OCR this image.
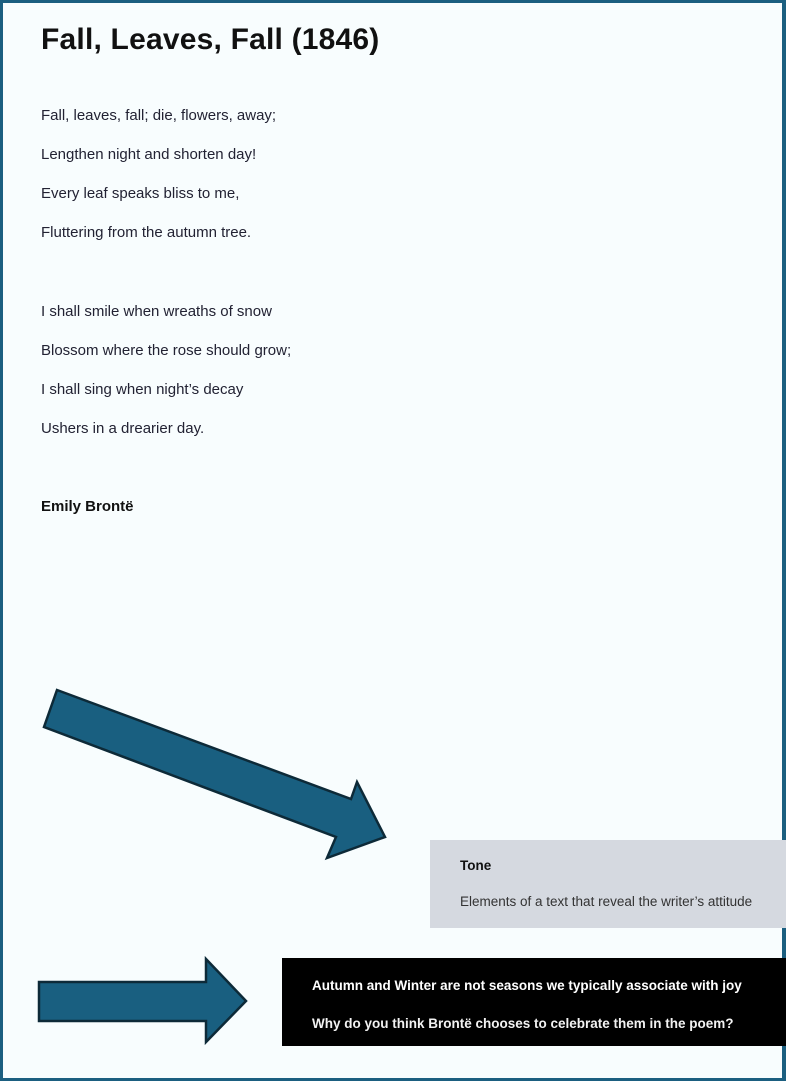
Fall, Leaves, Fall (1846)
Fall, leaves, fall; die, flowers, away;
Lengthen night and shorten day!
Every leaf speaks bliss to me,
Fluttering from the autumn tree.
I shall smile when wreaths of snow
Blossom where the rose should grow;
I shall sing when night’s decay
Ushers in a drearier day.
Emily Brontë
Tone
Elements of a text that reveal the writer’s attitude
Autumn and Winter are not seasons we typically associate with joy
Why do you think Brontë chooses to celebrate them in the poem?
